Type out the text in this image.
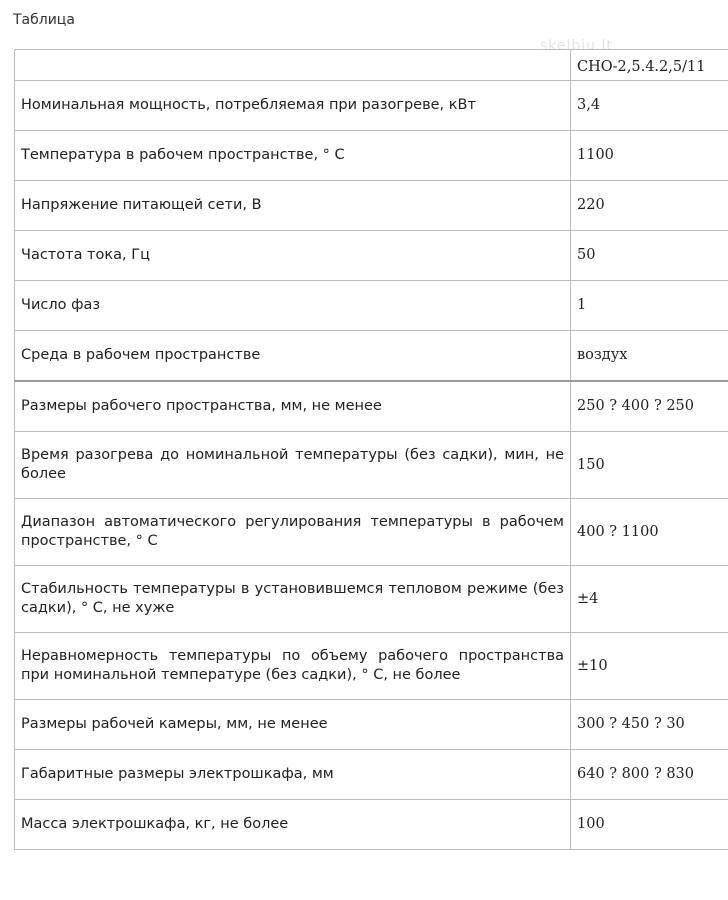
Таблица
skelbiu.lt
	СНО-2,5.4.2,5/11
Номинальная мощность, потребляемая при разогреве, кВт	3,4
Температура в рабочем пространстве, ° С	1100
Напряжение питающей сети, В	220
Частота тока, Гц	50
Число фаз	1
Среда в рабочем пространстве	воздух
Размеры рабочего пространства, мм, не менее	250 ? 400 ? 250
Время разогрева до номинальной температуры (без садки), мин, не более	150
Диапазон автоматического регулирования температуры в рабочем пространстве, ° С	400 ? 1100
Стабильность температуры в установившемся тепловом режиме (без садки), ° С, не хуже	±4
Неравномерность температуры по объему рабочего пространства при номинальной температуре (без садки), ° С, не более	±10
Размеры рабочей камеры, мм, не менее	300 ? 450 ? 30
Габаритные размеры электрошкафа, мм	640 ? 800 ? 830
Масса электрошкафа, кг, не более	100
